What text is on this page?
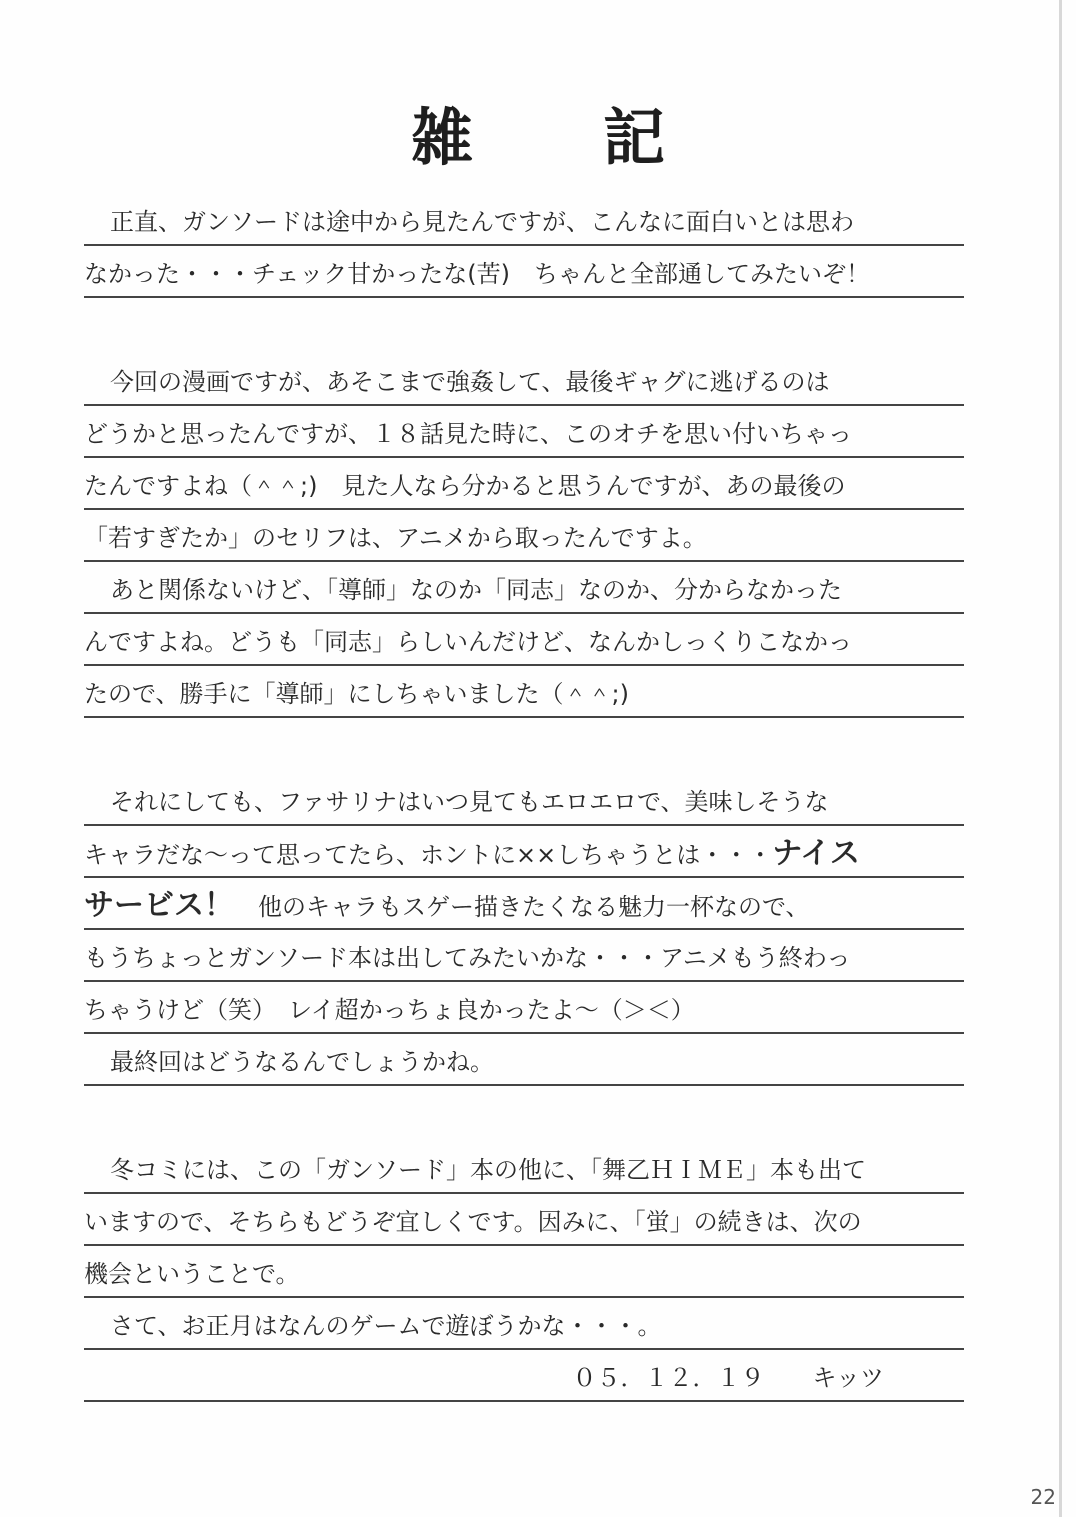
雑記
正直、ガンソードは途中から見たんですが、こんなに面白いとは思わ
なかった・・・チェック甘かったな(苦)　ちゃんと全部通してみたいぞ！
今回の漫画ですが、あそこまで強姦して、最後ギャグに逃げるのは
どうかと思ったんですが、１８話見た時に、このオチを思い付いちゃっ
たんですよね（＾＾;)　見た人なら分かると思うんですが、あの最後の
「若すぎたか」のセリフは、アニメから取ったんですよ。
あと関係ないけど、「導師」なのか「同志」なのか、分からなかった
んですよね。どうも「同志」らしいんだけど、なんかしっくりこなかっ
たので、勝手に「導師」にしちゃいました（＾＾;)
それにしても、ファサリナはいつ見てもエロエロで、美味しそうな
キャラだな～って思ってたら、ホントに××しちゃうとは・・・ナイス
サービス！　他のキャラもスゲー描きたくなる魅力一杯なので、
もうちょっとガンソード本は出してみたいかな・・・アニメもう終わっ
ちゃうけど（笑）　レイ超かっちょ良かったよ～（＞＜）
最終回はどうなるんでしょうかね。
冬コミには、この「ガンソード」本の他に、「舞乙ＨＩＭＥ」本も出て
いますので、そちらもどうぞ宜しくです。因みに、「蛍」の続きは、次の
機会ということで。
さて、お正月はなんのゲームで遊ぼうかな・・・。
０５．１２．１９　　キッツ
22
